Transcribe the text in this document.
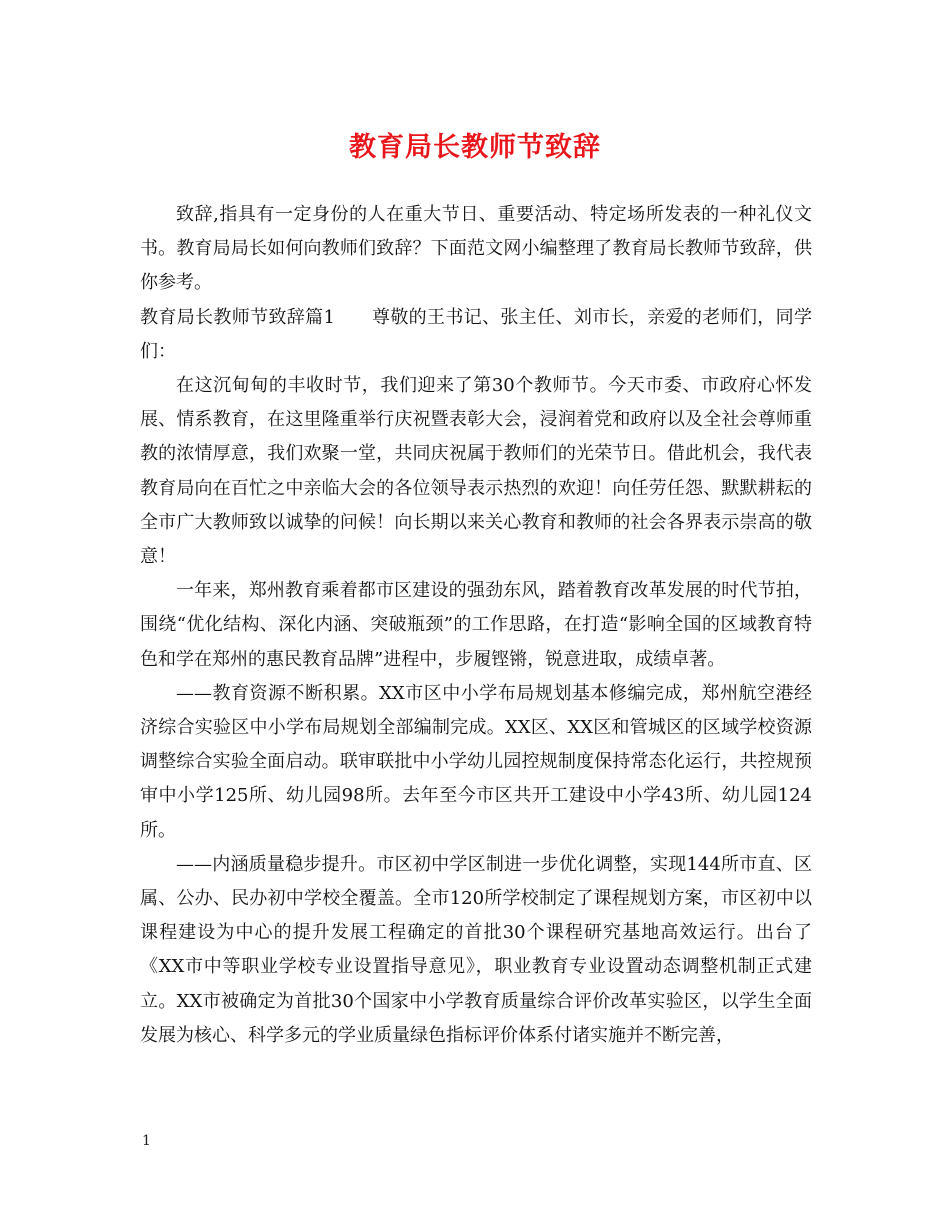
教育局长教师节致辞

致辞,指具有一定身份的人在重大节日、重要活动、特定场所发表的一种礼仪文书。教育局局长如何向教师们致辞？下面范文网小编整理了教育局长教师节致辞，供你参考。

教育局长教师节致辞篇1　　尊敬的王书记、张主任、刘市长，亲爱的老师们，同学们：

在这沉甸甸的丰收时节，我们迎来了第30个教师节。今天市委、市政府心怀发展、情系教育，在这里隆重举行庆祝暨表彰大会，浸润着党和政府以及全社会尊师重教的浓情厚意，我们欢聚一堂，共同庆祝属于教师们的光荣节日。借此机会，我代表教育局向在百忙之中亲临大会的各位领导表示热烈的欢迎！向任劳任怨、默默耕耘的全市广大教师致以诚挚的问候！向长期以来关心教育和教师的社会各界表示崇高的敬意！

一年来，郑州教育乘着都市区建设的强劲东风，踏着教育改革发展的时代节拍，围绕“优化结构、深化内涵、突破瓶颈”的工作思路，在打造“影响全国的区域教育特色和学在郑州的惠民教育品牌”进程中，步履铿锵，锐意进取，成绩卓著。

——教育资源不断积累。XX市区中小学布局规划基本修编完成，郑州航空港经济综合实验区中小学布局规划全部编制完成。XX区、XX区和管城区的区域学校资源调整综合实验全面启动。联审联批中小学幼儿园控规制度保持常态化运行，共控规预审中小学125所、幼儿园98所。去年至今市区共开工建设中小学43所、幼儿园124所。

——内涵质量稳步提升。市区初中学区制进一步优化调整，实现144所市直、区属、公办、民办初中学校全覆盖。全市120所学校制定了课程规划方案，市区初中以课程建设为中心的提升发展工程确定的首批30个课程研究基地高效运行。出台了《XX市中等职业学校专业设置指导意见》，职业教育专业设置动态调整机制正式建立。XX市被确定为首批30个国家中小学教育质量综合评价改革实验区，以学生全面发展为核心、科学多元的学业质量绿色指标评价体系付诸实施并不断完善，

1
